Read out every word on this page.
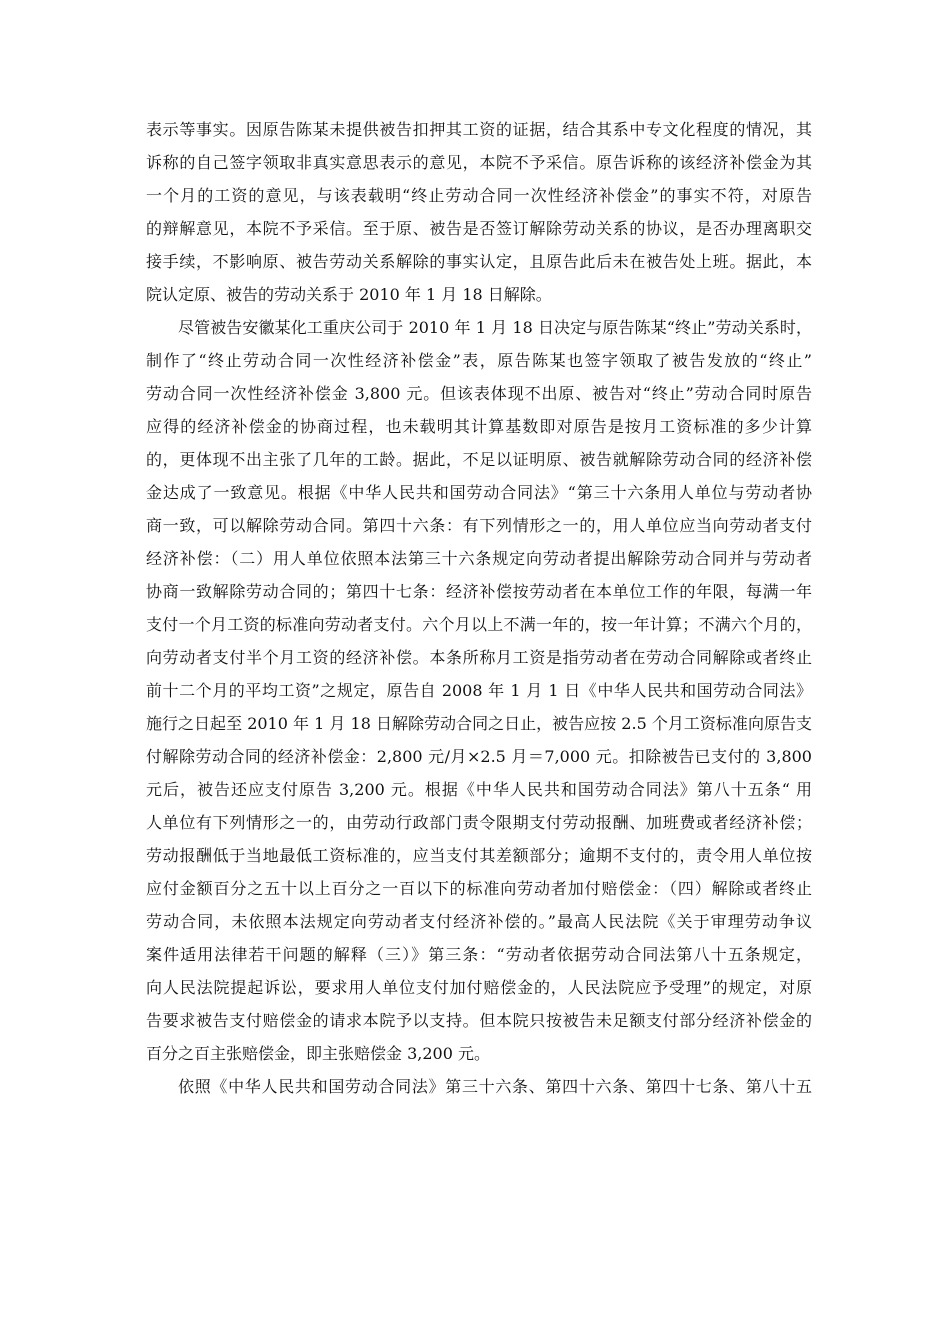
表示等事实。因原告陈某未提供被告扣押其工资的证据，结合其系中专文化程度的情况，其
诉称的自己签字领取非真实意思表示的意见，本院不予采信。原告诉称的该经济补偿金为其
一个月的工资的意见，与该表载明“终止劳动合同一次性经济补偿金”的事实不符，对原告
的辩解意见，本院不予采信。至于原、被告是否签订解除劳动关系的协议，是否办理离职交
接手续，不影响原、被告劳动关系解除的事实认定，且原告此后未在被告处上班。据此，本
院认定原、被告的劳动关系于 2010 年 1 月 18 日解除。
尽管被告安徽某化工重庆公司于 2010 年 1 月 18 日决定与原告陈某“终止”劳动关系时，
制作了“终止劳动合同一次性经济补偿金”表，原告陈某也签字领取了被告发放的“终止”
劳动合同一次性经济补偿金 3,800 元。但该表体现不出原、被告对“终止”劳动合同时原告
应得的经济补偿金的协商过程，也未载明其计算基数即对原告是按月工资标准的多少计算
的，更体现不出主张了几年的工龄。据此，不足以证明原、被告就解除劳动合同的经济补偿
金达成了一致意见。根据《中华人民共和国劳动合同法》“第三十六条用人单位与劳动者协
商一致，可以解除劳动合同。第四十六条：有下列情形之一的，用人单位应当向劳动者支付
经济补偿：（二）用人单位依照本法第三十六条规定向劳动者提出解除劳动合同并与劳动者
协商一致解除劳动合同的；第四十七条：经济补偿按劳动者在本单位工作的年限，每满一年
支付一个月工资的标准向劳动者支付。六个月以上不满一年的，按一年计算；不满六个月的，
向劳动者支付半个月工资的经济补偿。本条所称月工资是指劳动者在劳动合同解除或者终止
前十二个月的平均工资”之规定，原告自 2008 年 1 月 1 日《中华人民共和国劳动合同法》
施行之日起至 2010 年 1 月 18 日解除劳动合同之日止，被告应按 2.5 个月工资标准向原告支
付解除劳动合同的经济补偿金：2,800 元/月×2.5 月＝7,000 元。扣除被告已支付的 3,800
元后，被告还应支付原告 3,200 元。根据《中华人民共和国劳动合同法》第八十五条“ 用
人单位有下列情形之一的，由劳动行政部门责令限期支付劳动报酬、加班费或者经济补偿；
劳动报酬低于当地最低工资标准的，应当支付其差额部分；逾期不支付的，责令用人单位按
应付金额百分之五十以上百分之一百以下的标准向劳动者加付赔偿金：（四）解除或者终止
劳动合同，未依照本法规定向劳动者支付经济补偿的。”最高人民法院《关于审理劳动争议
案件适用法律若干问题的解释（三）》第三条：“劳动者依据劳动合同法第八十五条规定，
向人民法院提起诉讼，要求用人单位支付加付赔偿金的，人民法院应予受理”的规定，对原
告要求被告支付赔偿金的请求本院予以支持。但本院只按被告未足额支付部分经济补偿金的
百分之百主张赔偿金，即主张赔偿金 3,200 元。
依照《中华人民共和国劳动合同法》第三十六条、第四十六条、第四十七条、第八十五
